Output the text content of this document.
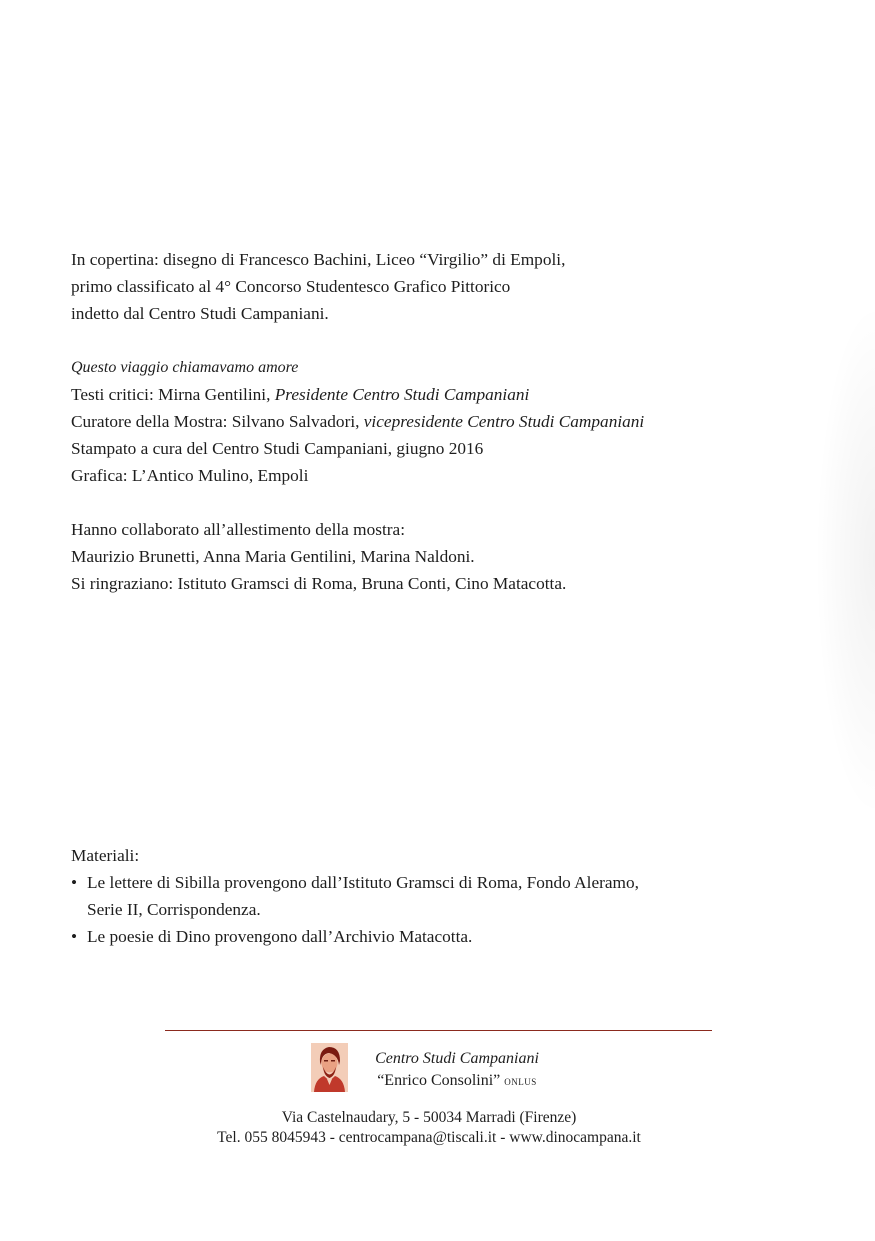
In copertina: disegno di Francesco Bachini, Liceo “Virgilio” di Empoli,

primo classificato al 4° Concorso Studentesco Grafico Pittorico

indetto dal Centro Studi Campaniani.

Questo viaggio chiamavamo amore

Testi critici: Mirna Gentilini, Presidente Centro Studi Campaniani

Curatore della Mostra: Silvano Salvadori, vicepresidente Centro Studi Campaniani

Stampato a cura del Centro Studi Campaniani, giugno 2016

Grafica: L’Antico Mulino, Empoli

Hanno collaborato all’allestimento della mostra:

Maurizio Brunetti, Anna Maria Gentilini, Marina Naldoni.

Si ringraziano: Istituto Gramsci di Roma, Bruna Conti, Cino Matacotta.

Materiali:

• Le lettere di Sibilla provengono dall’Istituto Gramsci di Roma, Fondo Aleramo,

Serie II, Corrispondenza.

• Le poesie di Dino provengono dall’Archivio Matacotta.

Centro Studi Campaniani

“Enrico Consolini” onlus

Via Castelnaudary, 5 - 50034 Marradi (Firenze)

Tel. 055 8045943 - centrocampana@tiscali.it - www.dinocampana.it
